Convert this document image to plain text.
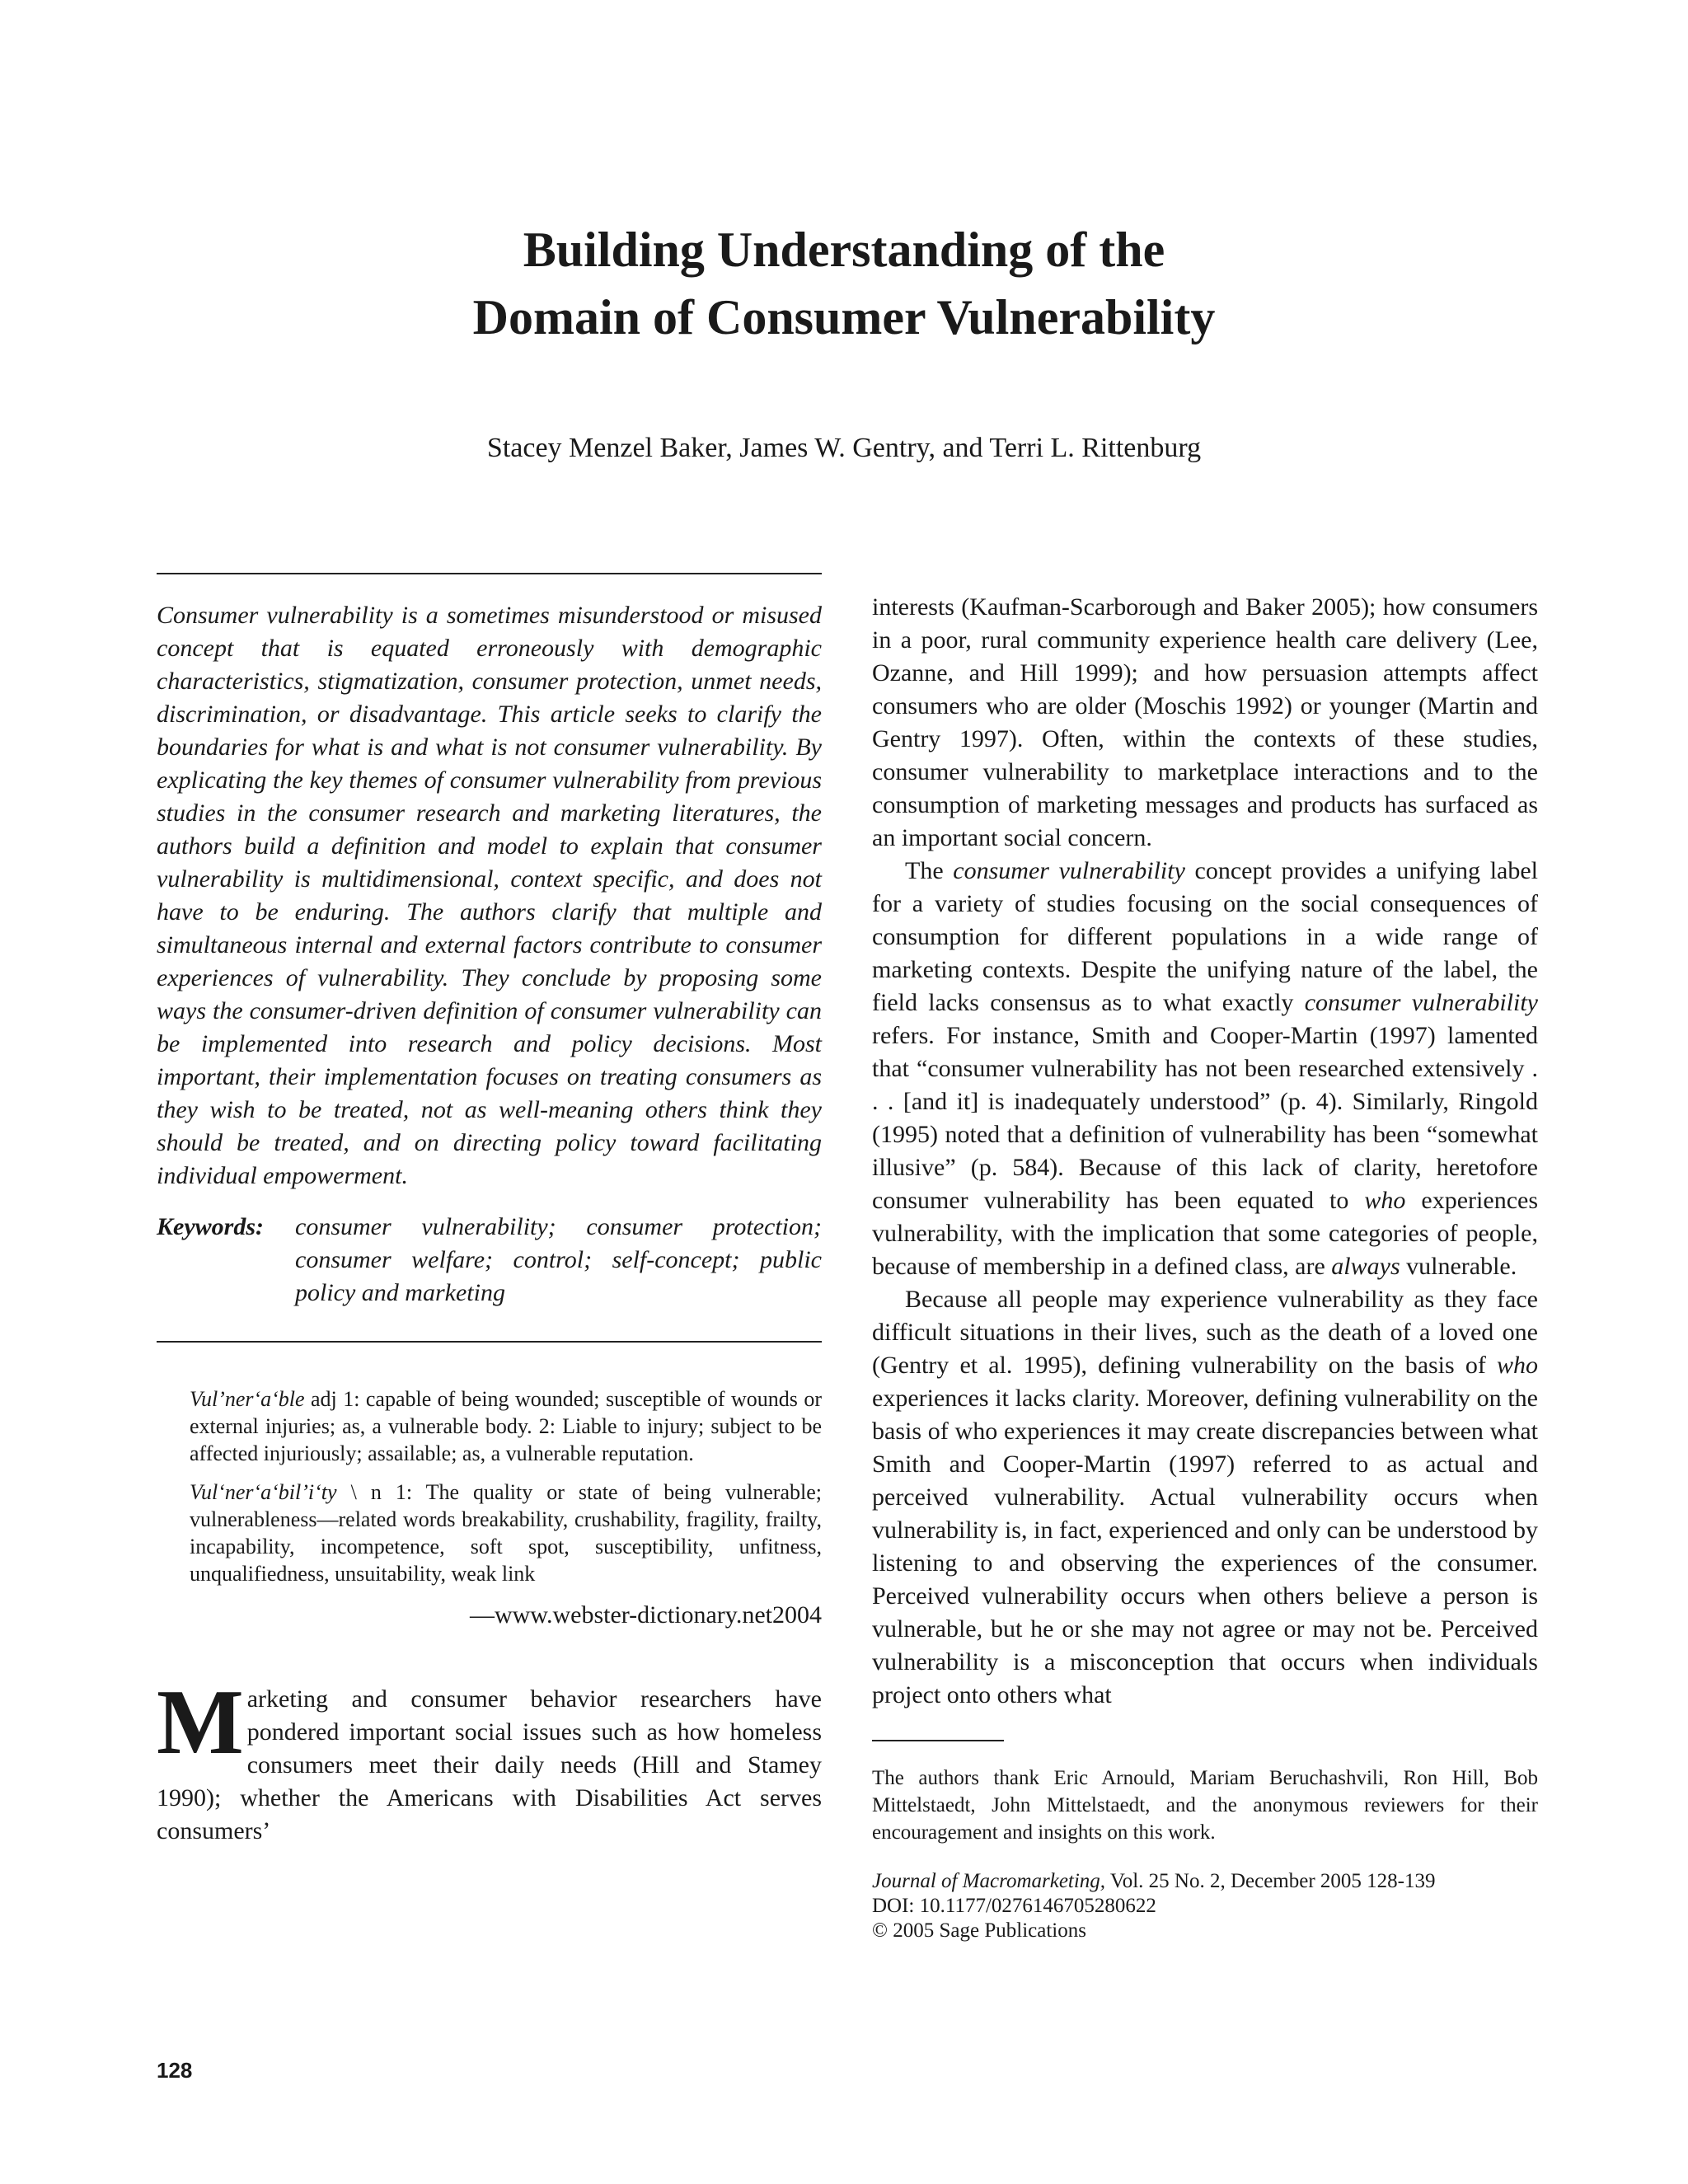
Building Understanding of the
Domain of Consumer Vulnerability
Stacey Menzel Baker, James W. Gentry, and Terri L. Rittenburg
Consumer vulnerability is a sometimes misunderstood or misused concept that is equated erroneously with demographic characteristics, stigmatization, consumer protection, unmet needs, discrimination, or disadvantage. This article seeks to clarify the boundaries for what is and what is not consumer vulnerability. By explicating the key themes of consumer vulnerability from previous studies in the consumer research and marketing literatures, the authors build a definition and model to explain that consumer vulnerability is multidimensional, context specific, and does not have to be enduring. The authors clarify that multiple and simultaneous internal and external factors contribute to consumer experiences of vulnerability. They conclude by proposing some ways the consumer-driven definition of consumer vulnerability can be implemented into research and policy decisions. Most important, their implementation focuses on treating consumers as they wish to be treated, not as well-meaning others think they should be treated, and on directing policy toward facilitating individual empowerment.
Keywords:	consumer vulnerability; consumer protection; consumer welfare; control; self-concept; public policy and marketing

Vul’ner‘a‘ble adj 1: capable of being wounded; susceptible of wounds or external injuries; as, a vulnerable body. 2: Liable to injury; subject to be affected injuriously; assailable; as, a vulnerable reputation.

Vul‘ner‘a‘bil’i‘ty \ n 1: The quality or state of being vulnerable; vulnerableness—related words breakability, crushability, fragility, frailty, incapability, incompetence, soft spot, susceptibility, unfitness, unqualifiedness, unsuitability, weak link

—www.webster-dictionary.net2004
Marketing and consumer behavior researchers have pondered important social issues such as how homeless consumers meet their daily needs (Hill and Stamey 1990); whether the Americans with Disabilities Act serves consumers’

interests (Kaufman-Scarborough and Baker 2005); how consumers in a poor, rural community experience health care delivery (Lee, Ozanne, and Hill 1999); and how persuasion attempts affect consumers who are older (Moschis 1992) or younger (Martin and Gentry 1997). Often, within the contexts of these studies, consumer vulnerability to marketplace interactions and to the consumption of marketing messages and products has surfaced as an important social concern.

The consumer vulnerability concept provides a unifying label for a variety of studies focusing on the social consequences of consumption for different populations in a wide range of marketing contexts. Despite the unifying nature of the label, the field lacks consensus as to what exactly consumer vulnerability refers. For instance, Smith and Cooper-Martin (1997) lamented that “consumer vulnerability has not been researched extensively . . . [and it] is inadequately understood” (p. 4). Similarly, Ringold (1995) noted that a definition of vulnerability has been “somewhat illusive” (p. 584). Because of this lack of clarity, heretofore consumer vulnerability has been equated to who experiences vulnerability, with the implication that some categories of people, because of membership in a defined class, are always vulnerable.

Because all people may experience vulnerability as they face difficult situations in their lives, such as the death of a loved one (Gentry et al. 1995), defining vulnerability on the basis of who experiences it lacks clarity. Moreover, defining vulnerability on the basis of who experiences it may create discrepancies between what Smith and Cooper-Martin (1997) referred to as actual and perceived vulnerability. Actual vulnerability occurs when vulnerability is, in fact, experienced and only can be understood by listening to and observing the experiences of the consumer. Perceived vulnerability occurs when others believe a person is vulnerable, but he or she may not agree or may not be. Perceived vulnerability is a misconception that occurs when individuals project onto others what

The authors thank Eric Arnould, Mariam Beruchashvili, Ron Hill, Bob Mittelstaedt, John Mittelstaedt, and the anonymous reviewers for their encouragement and insights on this work.
Journal of Macromarketing, Vol. 25 No. 2, December 2005 128-139
DOI: 10.1177/0276146705280622
© 2005 Sage Publications
128
